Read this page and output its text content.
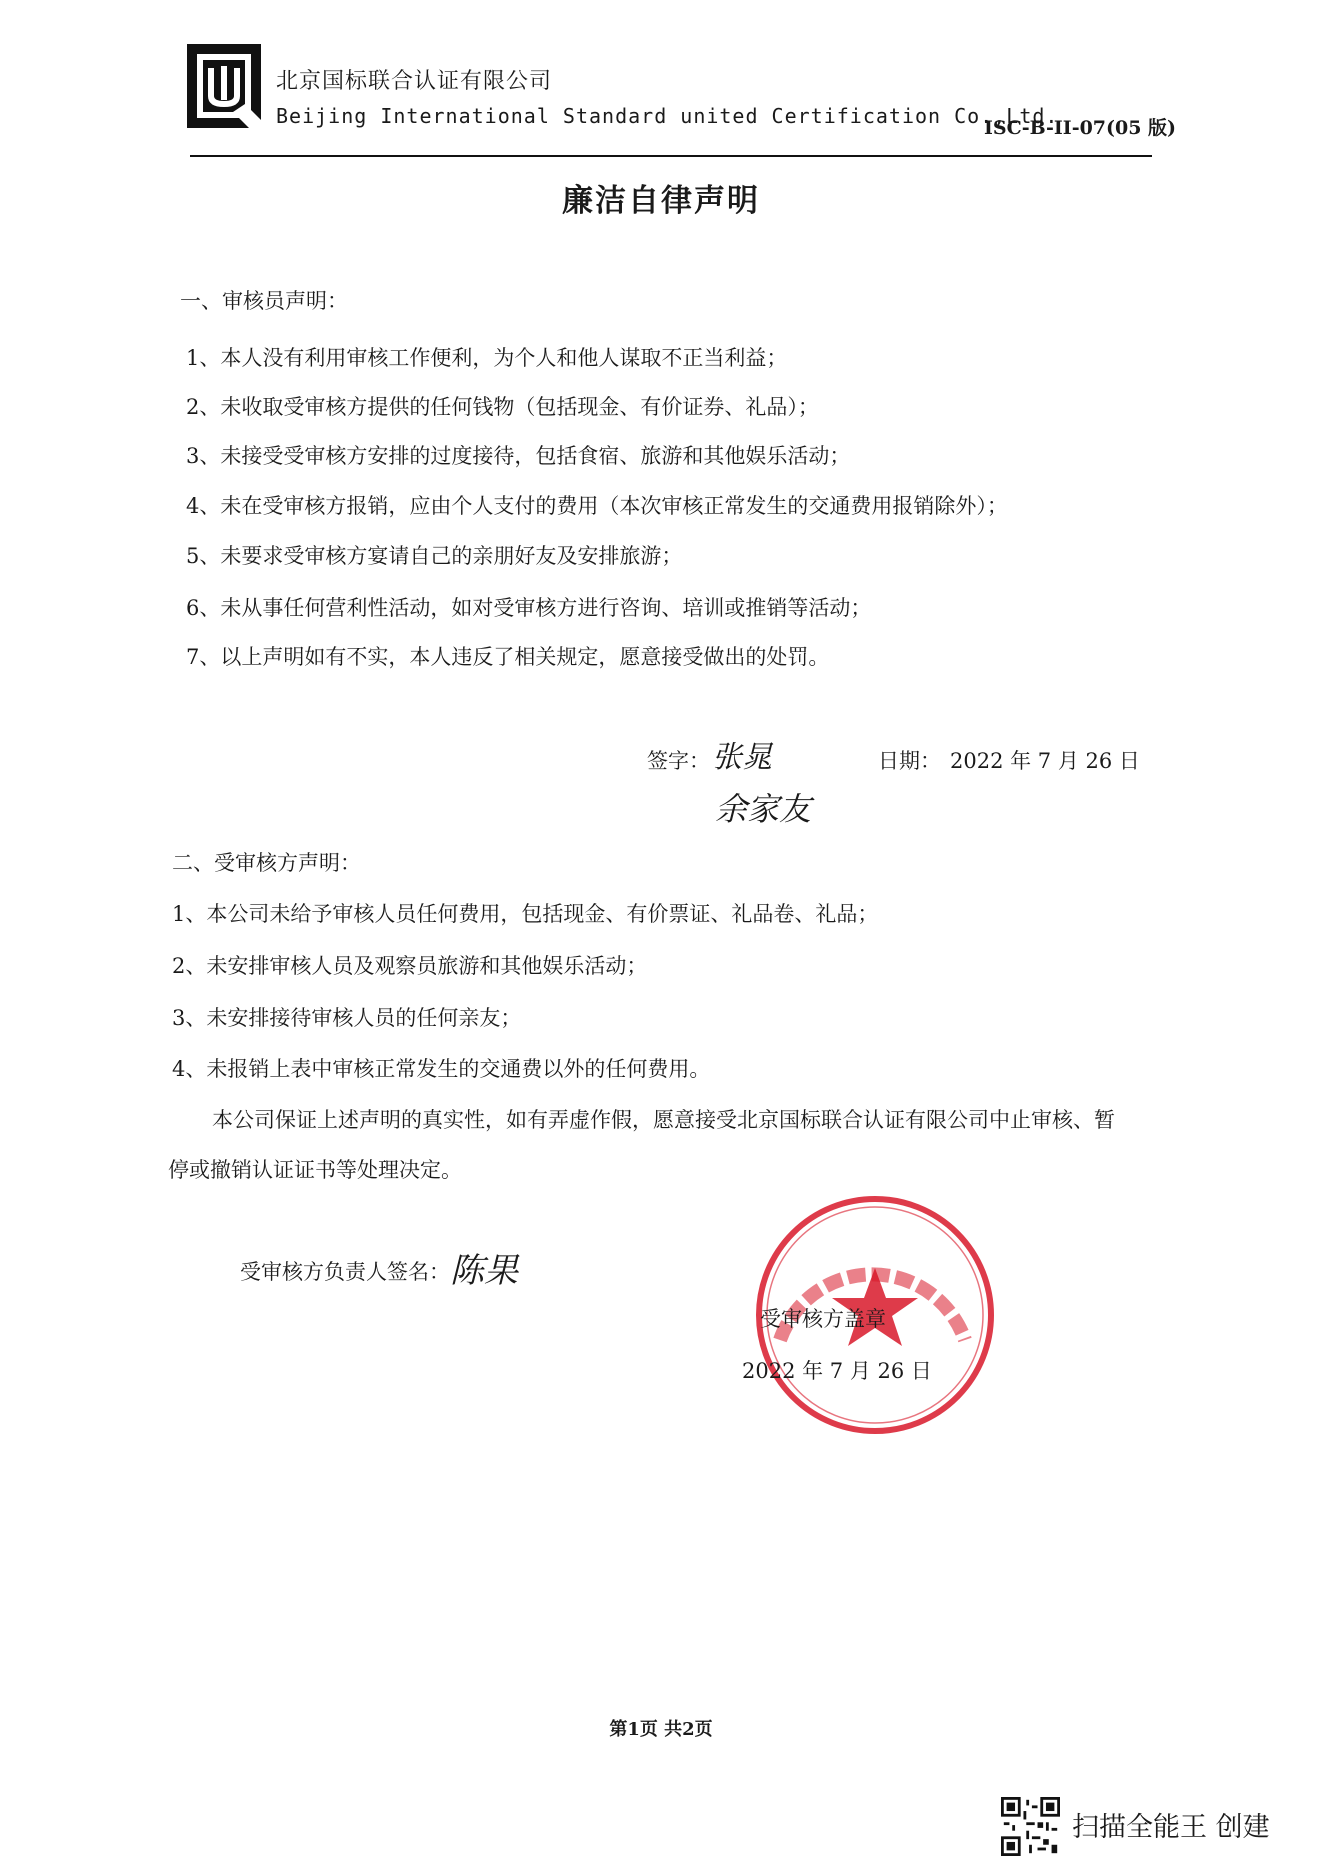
北京国标联合认证有限公司
Beijing International Standard united Certification Co.,Ltd.
ISC-B-II-07(05 版)
廉洁自律声明
一、审核员声明：
1、本人没有利用审核工作便利，为个人和他人谋取不正当利益；
2、未收取受审核方提供的任何钱物（包括现金、有价证券、礼品）；
3、未接受受审核方安排的过度接待，包括食宿、旅游和其他娱乐活动；
4、未在受审核方报销，应由个人支付的费用（本次审核正常发生的交通费用报销除外）；
5、未要求受审核方宴请自己的亲朋好友及安排旅游；
6、未从事任何营利性活动，如对受审核方进行咨询、培训或推销等活动；
7、以上声明如有不实，本人违反了相关规定，愿意接受做出的处罚。
签字： 张晁
余家友
日期： 2022 年 7 月 26 日
二、受审核方声明：
1、本公司未给予审核人员任何费用，包括现金、有价票证、礼品卷、礼品；
2、未安排审核人员及观察员旅游和其他娱乐活动；
3、未安排接待审核人员的任何亲友；
4、未报销上表中审核正常发生的交通费以外的任何费用。
本公司保证上述声明的真实性，如有弄虚作假，愿意接受北京国标联合认证有限公司中止审核、暂
停或撤销认证证书等处理决定。
受审核方负责人签名： 陈果
受审核方盖章
2022 年 7 月 26 日
第1页 共2页
扫描全能王 创建
